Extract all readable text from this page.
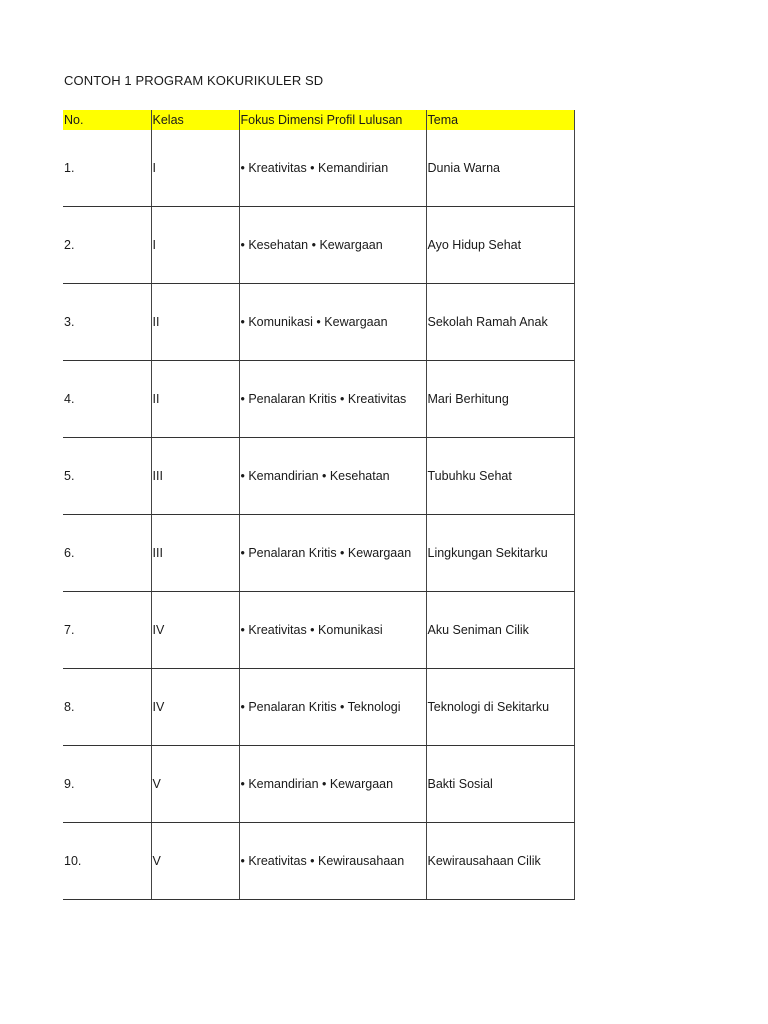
CONTOH 1 PROGRAM KOKURIKULER SD
No.	Kelas	Fokus Dimensi Profil Lulusan	Tema
1.	I	• Kreativitas • Kemandirian	Dunia Warna
2.	I	• Kesehatan • Kewargaan	Ayo Hidup Sehat
3.	II	• Komunikasi • Kewargaan	Sekolah Ramah Anak
4.	II	• Penalaran Kritis • Kreativitas	Mari Berhitung
5.	III	• Kemandirian • Kesehatan	Tubuhku Sehat
6.	III	• Penalaran Kritis • Kewargaan	Lingkungan Sekitarku
7.	IV	• Kreativitas • Komunikasi	Aku Seniman Cilik
8.	IV	• Penalaran Kritis • Teknologi	Teknologi di Sekitarku
9.	V	• Kemandirian • Kewargaan	Bakti Sosial
10.	V	• Kreativitas • Kewirausahaan	Kewirausahaan Cilik
